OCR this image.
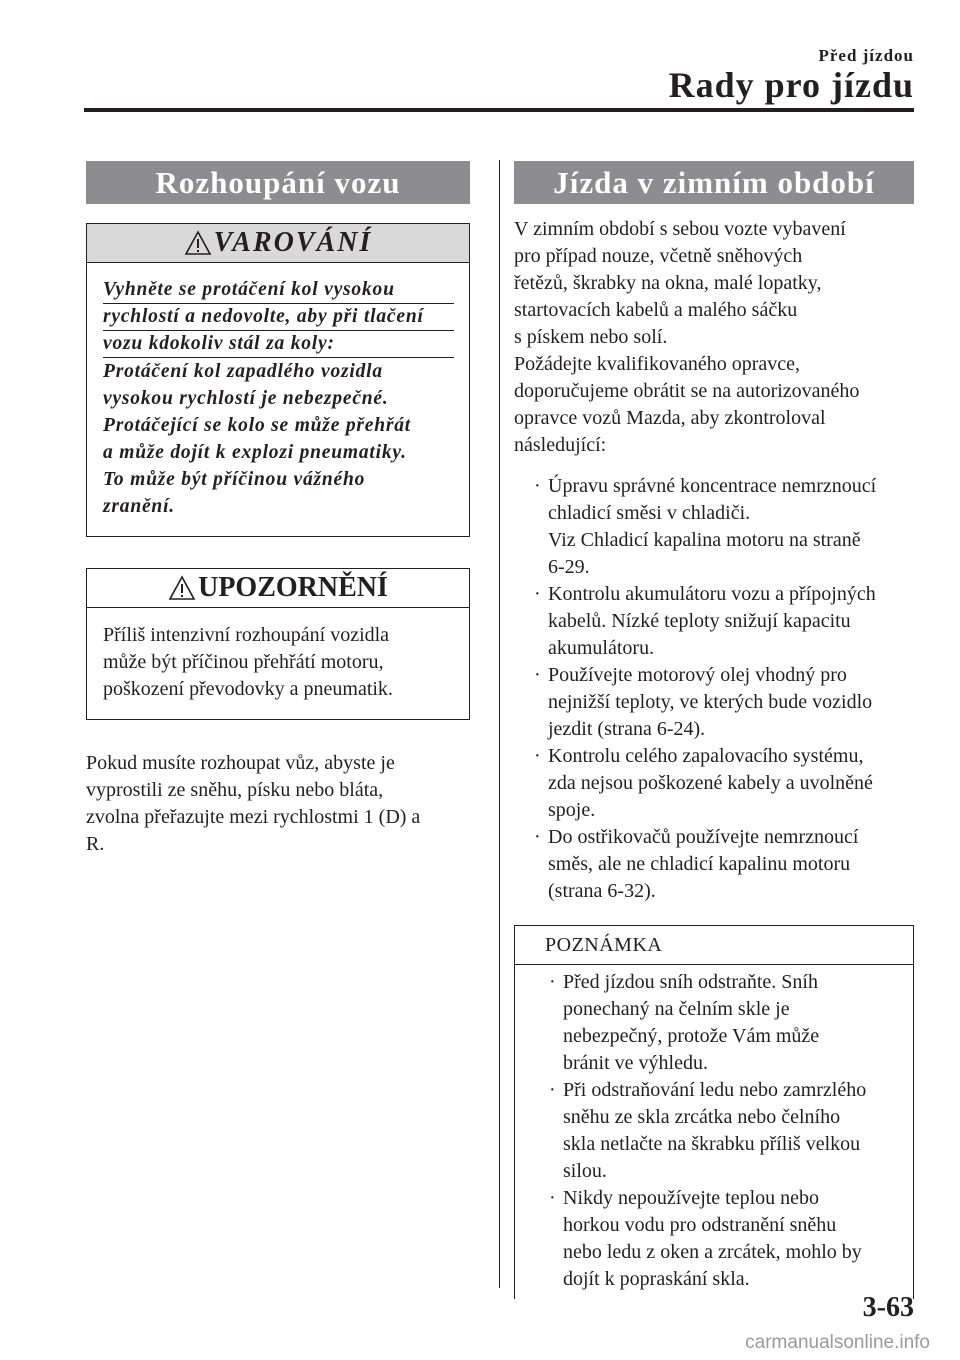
Před jízdou
Rady pro jízdu
Rozhoupání vozu
VAROVÁNÍ
Vyhněte se protáčení kol vysokou
rychlostí a nedovolte, aby při tlačení
vozu kdokoliv stál za koly:

Protáčení kol zapadlého vozidla

vysokou rychlostí je nebezpečné.

Protáčející se kolo se může přehřát

a může dojít k explozi pneumatiky.

To může být příčinou vážného

zranění.

UPOZORNĚNÍ

Příliš intenzivní rozhoupání vozidla

může být příčinou přehřátí motoru,

poškození převodovky a pneumatik.

Pokud musíte rozhoupat vůz, abyste je

vyprostili ze sněhu, písku nebo bláta,

zvolna přeřazujte mezi rychlostmi 1 (D) a

R.

Jízda v zimním období

V zimním období s sebou vozte vybavení

pro případ nouze, včetně sněhových

řetězů, škrabky na okna, malé lopatky,

startovacích kabelů a malého sáčku

s pískem nebo solí.

Požádejte kvalifikovaného opravce,

doporučujeme obrátit se na autorizovaného

opravce vozů Mazda, aby zkontroloval

následující:

· Úpravu správné koncentrace nemrznoucí
chladicí směsi v chladiči.
Viz Chladicí kapalina motoru na straně
6-29.
· Kontrolu akumulátoru vozu a přípojných
kabelů. Nízké teploty snižují kapacitu
akumulátoru.
· Používejte motorový olej vhodný pro
nejnižší teploty, ve kterých bude vozidlo
jezdit (strana 6-24).
· Kontrolu celého zapalovacího systému,
zda nejsou poškozené kabely a uvolněné
spoje.
· Do ostřikovačů používejte nemrznoucí
směs, ale ne chladicí kapalinu motoru
(strana 6-32).
POZNÁMKA
· Před jízdou sníh odstraňte. Sníh
ponechaný na čelním skle je
nebezpečný, protože Vám může
bránit ve výhledu.
· Při odstraňování ledu nebo zamrzlého
sněhu ze skla zrcátka nebo čelního
skla netlačte na škrabku příliš velkou
silou.
· Nikdy nepoužívejte teplou nebo
horkou vodu pro odstranění sněhu
nebo ledu z oken a zrcátek, mohlo by
dojít k popraskání skla.
3-63
carmanualsonline.info
